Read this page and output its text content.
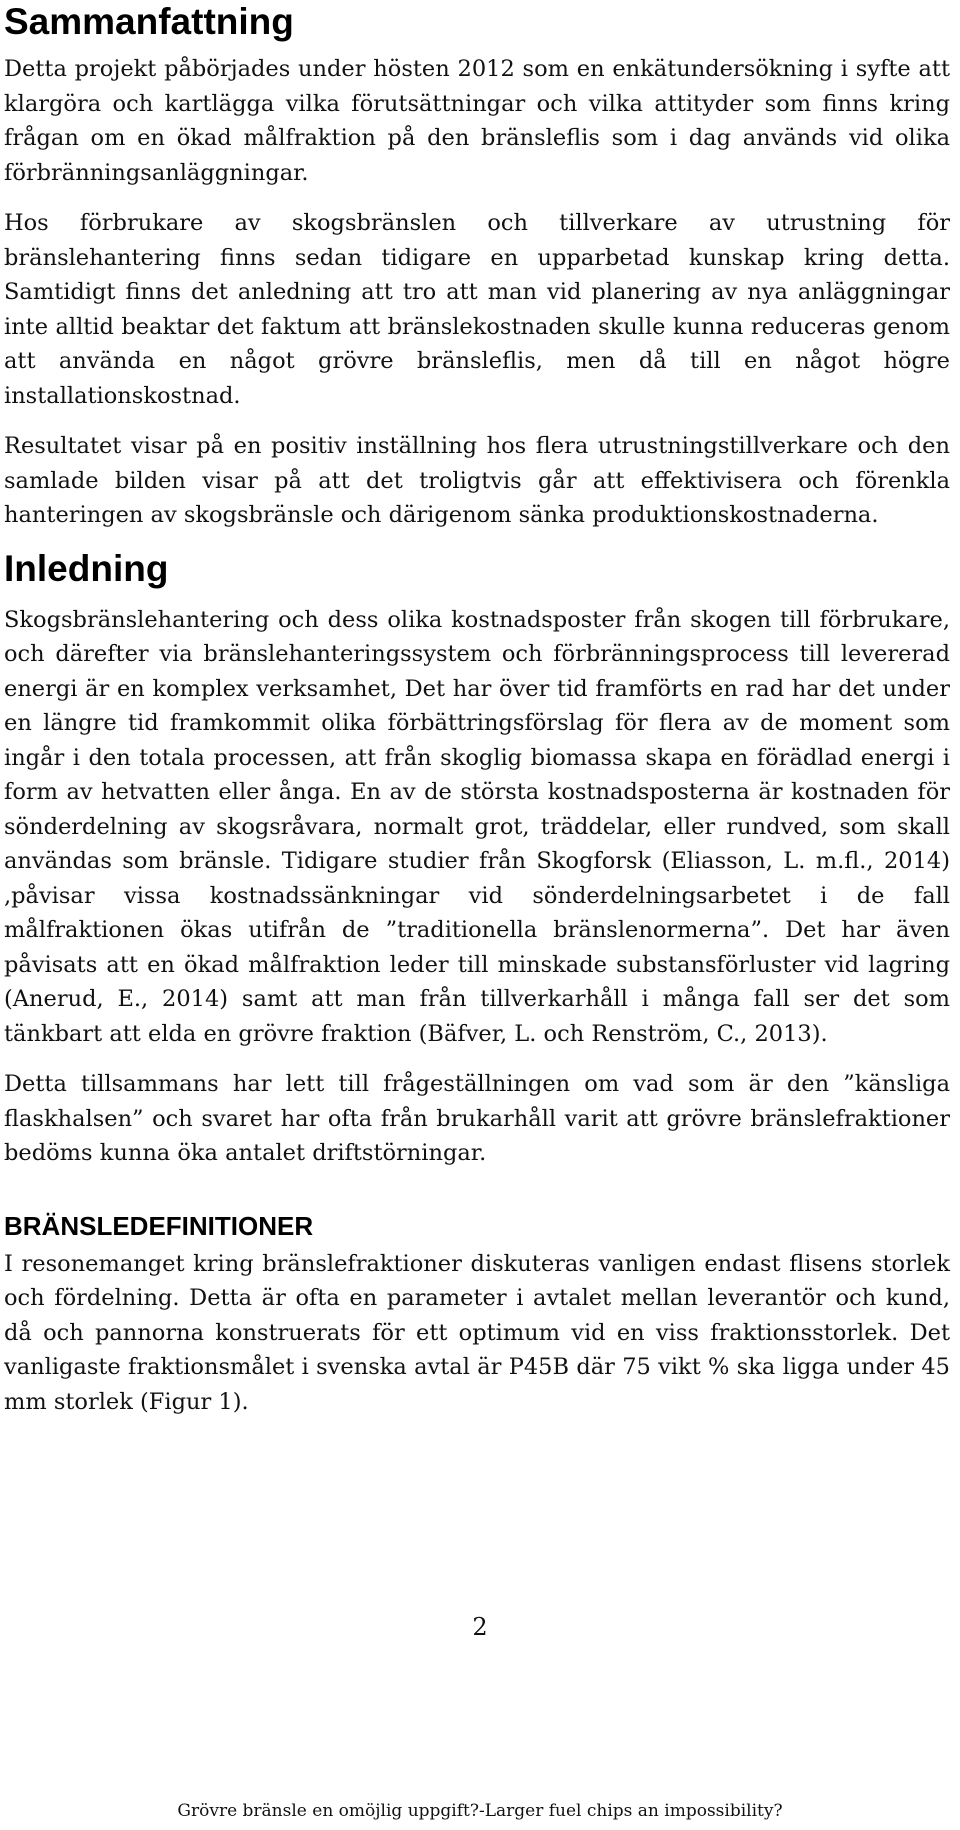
Sammanfattning

Detta projekt påbörjades under hösten 2012 som en enkätundersökning i syfte att klargöra och kartlägga vilka förutsättningar och vilka attityder som finns kring frågan om en ökad målfraktion på den bränsleflis som i dag används vid olika förbränningsanläggningar.

Hos förbrukare av skogsbränslen och tillverkare av utrustning för bränslehantering finns sedan tidigare en upparbetad kunskap kring detta. Samtidigt finns det anledning att tro att man vid planering av nya anläggningar inte alltid beaktar det faktum att bränslekostnaden skulle kunna reduceras genom att använda en något grövre bränsleflis, men då till en något högre installationskostnad.

Resultatet visar på en positiv inställning hos flera utrustningstillverkare och den samlade bilden visar på att det troligtvis går att effektivisera och förenkla hanteringen av skogsbränsle och därigenom sänka produktionskostnaderna.

Inledning

Skogsbränslehantering och dess olika kostnadsposter från skogen till förbrukare, och därefter via bränslehanteringssystem och förbränningsprocess till levererad energi är en komplex verksamhet, Det har över tid framförts en rad har det under en längre tid framkommit olika förbättringsförslag för flera av de moment som ingår i den totala processen, att från skoglig biomassa skapa en förädlad energi i form av hetvatten eller ånga. En av de största kostnadsposterna är kostnaden för sönderdelning av skogsråvara, normalt grot, träddelar, eller rundved, som skall användas som bränsle. Tidigare studier från Skogforsk (Eliasson, L. m.fl., 2014) ,påvisar vissa kostnadssänkningar vid sönderdelningsarbetet i de fall målfraktionen ökas utifrån de ”traditionella bränslenormerna”. Det har även påvisats att en ökad målfraktion leder till minskade substansförluster vid lagring (Anerud, E., 2014) samt att man från tillverkarhåll i många fall ser det som tänkbart att elda en grövre fraktion (Bäfver, L. och Renström, C., 2013).

Detta tillsammans har lett till frågeställningen om vad som är den ”känsliga flaskhalsen” och svaret har ofta från brukarhåll varit att grövre bränslefraktioner bedöms kunna öka antalet driftstörningar.

BRÄNSLEDEFINITIONER

I resonemanget kring bränslefraktioner diskuteras vanligen endast flisens storlek och fördelning. Detta är ofta en parameter i avtalet mellan leverantör och kund, då och pannorna konstruerats för ett optimum vid en viss fraktionsstorlek. Det vanligaste fraktionsmålet i svenska avtal är P45B där 75 vikt % ska ligga under 45 mm storlek (Figur 1).

2
Grövre bränsle en omöjlig uppgift?-Larger fuel chips an impossibility?
